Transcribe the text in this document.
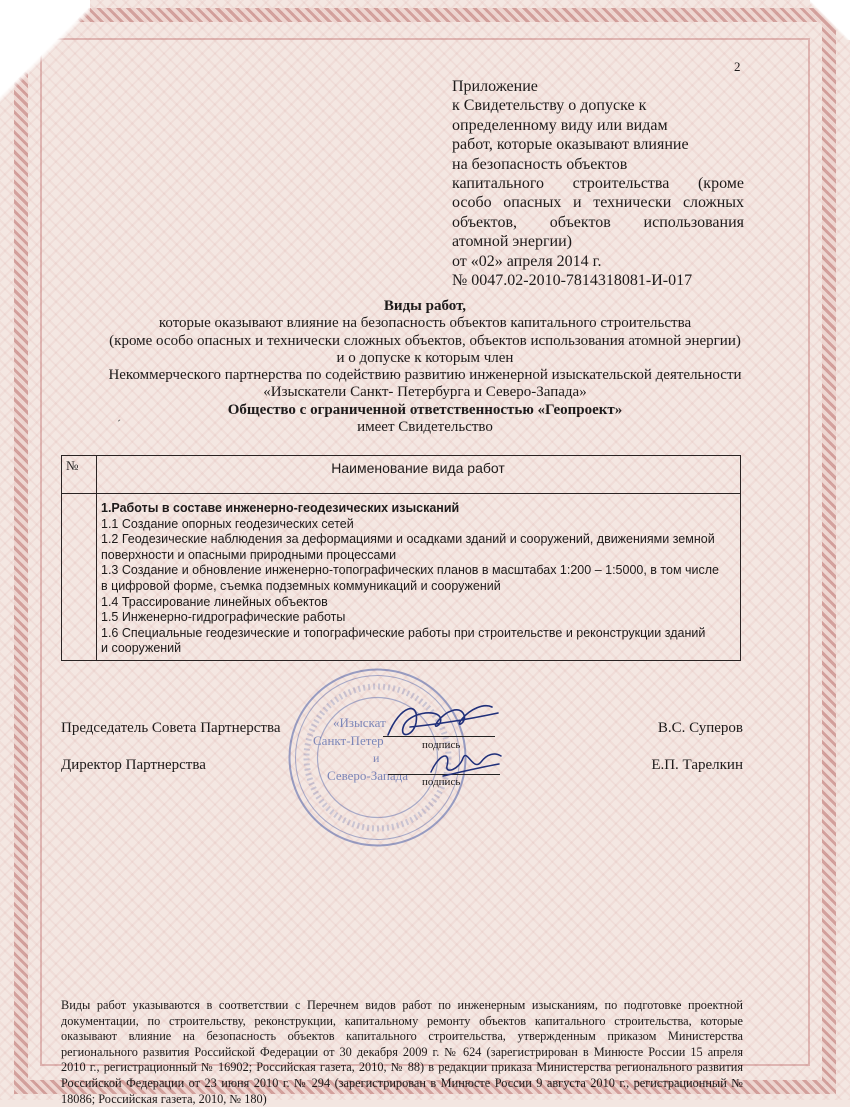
2
Приложение
к Свидетельству о допуске к
определенному виду или видам
работ, которые оказывают влияние
на безопасность объектов
капитального строительства (кроме
особо опасных и технически сложных
объектов, объектов использования
атомной энергии)
от «02» апреля 2014 г.
№ 0047.02-2010-7814318081-И-017
Виды работ,
которые оказывают влияние на безопасность объектов капитального строительства
(кроме особо опасных и технически сложных объектов, объектов использования атомной энергии)
и о допуске к которым член
Некоммерческого партнерства по содействию развитию инженерной изыскательской деятельности
«Изыскатели Санкт- Петербурга и Северо-Запада»
Общество с ограниченной ответственностью «Геопроект»
имеет Свидетельство
ˊ
№	Наименование вида работ
1.Работы в составе инженерно-геодезических изысканий
1.1 Создание опорных геодезических сетей
1.2 Геодезические наблюдения за деформациями и осадками зданий и сооружений, движениями земной
поверхности и опасными природными процессами
1.3 Создание и обновление инженерно-топографических планов в масштабах 1:200 – 1:5000, в том числе
в цифровой форме, съемка подземных коммуникаций и сооружений
1.4 Трассирование линейных объектов
1.5 Инженерно-гидрографические работы
1.6 Специальные геодезические и топографические работы при строительстве и реконструкции зданий
и сооружений
«Изыскат
Санкт-Петер
и
Северо-Запада
Председатель Совета Партнерства	В.С. Суперов
подпись
Директор Партнерства	Е.П. Тарелкин
подпись
Виды работ указываются в соответствии с Перечнем видов работ по инженерным изысканиям, по подготовке проектной
документации, по строительству, реконструкции, капитальному ремонту объектов капитального строительства, которые
оказывают влияние на безопасность объектов капитального строительства, утвержденным приказом Министерства
регионального развития Российской Федерации от 30 декабря 2009 г. № 624 (зарегистрирован в Минюсте России 15 апреля
2010 г., регистрационный № 16902; Российская газета, 2010, № 88) в редакции приказа Министерства регионального развития
Российской Федерации от 23 июня 2010 г. № 294 (зарегистрирован в Минюсте России 9 августа 2010 г., регистрационный №
18086; Российская газета, 2010, № 180)
